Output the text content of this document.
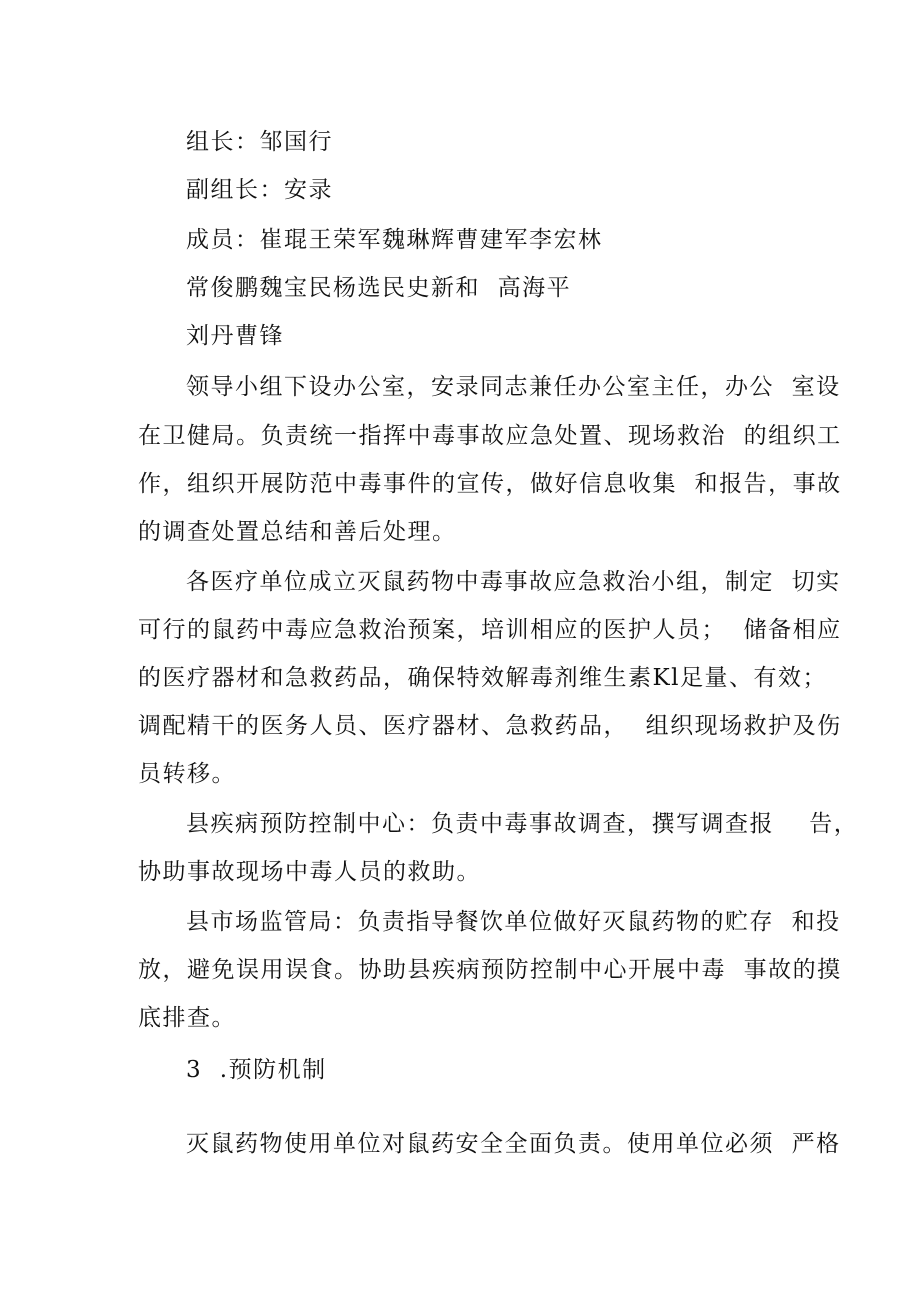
组长：邹国行
副组长：安录
成员：崔琨王荣军魏琳辉曹建军李宏林
常俊鹏魏宝民杨选民史新和  高海平
刘丹曹锋
领导小组下设办公室，安录同志兼任办公室主任，办公  室设
在卫健局。负责统一指挥中毒事故应急处置、现场救治  的组织工
作，组织开展防范中毒事件的宣传，做好信息收集  和报告，事故
的调查处置总结和善后处理。
各医疗单位成立灭鼠药物中毒事故应急救治小组，制定  切实
可行的鼠药中毒应急救治预案，培训相应的医护人员；  储备相应
的医疗器材和急救药品，确保特效解毒剂维生素Kl足量、有效；
调配精干的医务人员、医疗器材、急救药品，  组织现场救护及伤
员转移。
县疾病预防控制中心：负责中毒事故调查，撰写调查报    告，
协助事故现场中毒人员的救助。
县市场监管局：负责指导餐饮单位做好灭鼠药物的贮存  和投
放，避免误用误食。协助县疾病预防控制中心开展中毒  事故的摸
底排查。
3  .预防机制
灭鼠药物使用单位对鼠药安全全面负责。使用单位必须  严格
